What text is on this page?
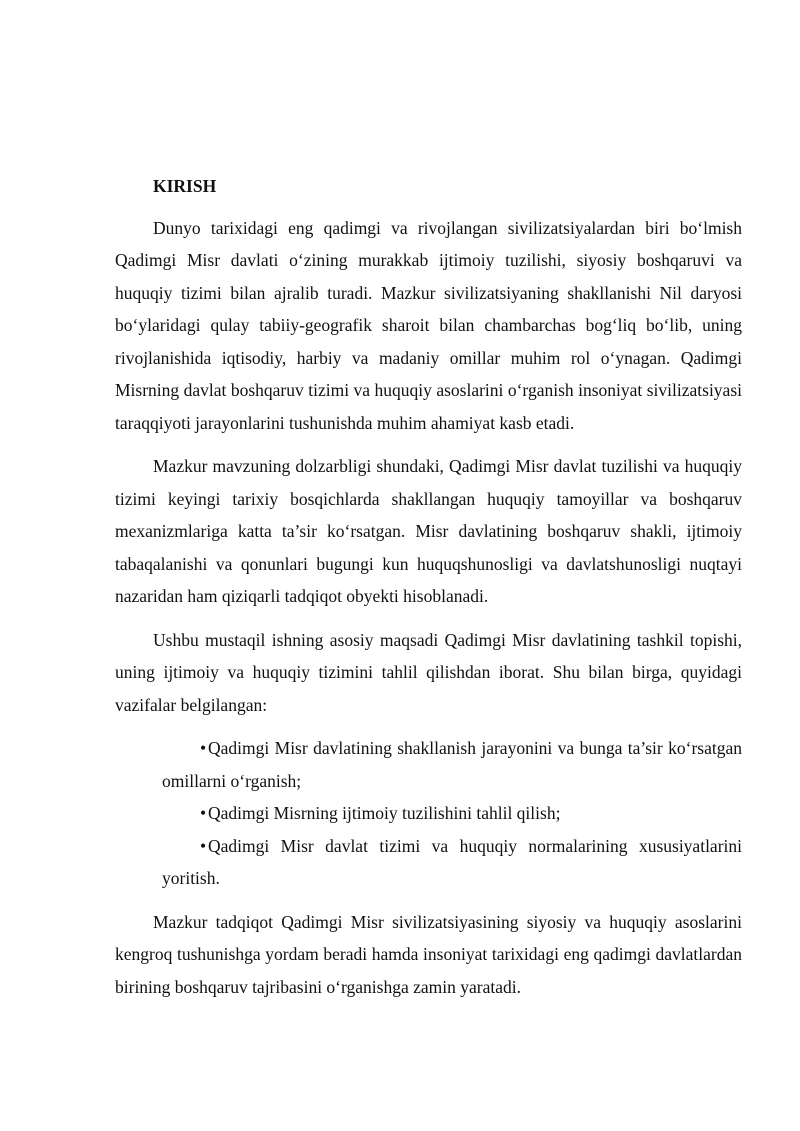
KIRISH

Dunyo tarixidagi eng qadimgi va rivojlangan sivilizatsiyalardan biri bo‘lmish Qadimgi Misr davlati o‘zining murakkab ijtimoiy tuzilishi, siyosiy boshqaruvi va huquqiy tizimi bilan ajralib turadi. Mazkur sivilizatsiyaning shakllanishi Nil daryosi bo‘ylaridagi qulay tabiiy-geografik sharoit bilan chambarchas bog‘liq bo‘lib, uning rivojlanishida iqtisodiy, harbiy va madaniy omillar muhim rol o‘ynagan. Qadimgi Misrning davlat boshqaruv tizimi va huquqiy asoslarini o‘rganish insoniyat sivilizatsiyasi taraqqiyoti jarayonlarini tushunishda muhim ahamiyat kasb etadi.

Mazkur mavzuning dolzarbligi shundaki, Qadimgi Misr davlat tuzilishi va huquqiy tizimi keyingi tarixiy bosqichlarda shakllangan huquqiy tamoyillar va boshqaruv mexanizmlariga katta ta’sir ko‘rsatgan. Misr davlatining boshqaruv shakli, ijtimoiy tabaqalanishi va qonunlari bugungi kun huquqshunosligi va davlatshunosligi nuqtayi nazaridan ham qiziqarli tadqiqot obyekti hisoblanadi.

Ushbu mustaqil ishning asosiy maqsadi Qadimgi Misr davlatining tashkil topishi, uning ijtimoiy va huquqiy tizimini tahlil qilishdan iborat. Shu bilan birga, quyidagi vazifalar belgilangan:

• Qadimgi Misr davlatining shakllanish jarayonini va bunga ta’sir ko‘rsatgan omillarni o‘rganish;
• Qadimgi Misrning ijtimoiy tuzilishini tahlil qilish;
• Qadimgi Misr davlat tizimi va huquqiy normalarining xususiyatlarini yoritish.

Mazkur tadqiqot Qadimgi Misr sivilizatsiyasining siyosiy va huquqiy asoslarini kengroq tushunishga yordam beradi hamda insoniyat tarixidagi eng qadimgi davlatlardan birining boshqaruv tajribasini o‘rganishga zamin yaratadi.
